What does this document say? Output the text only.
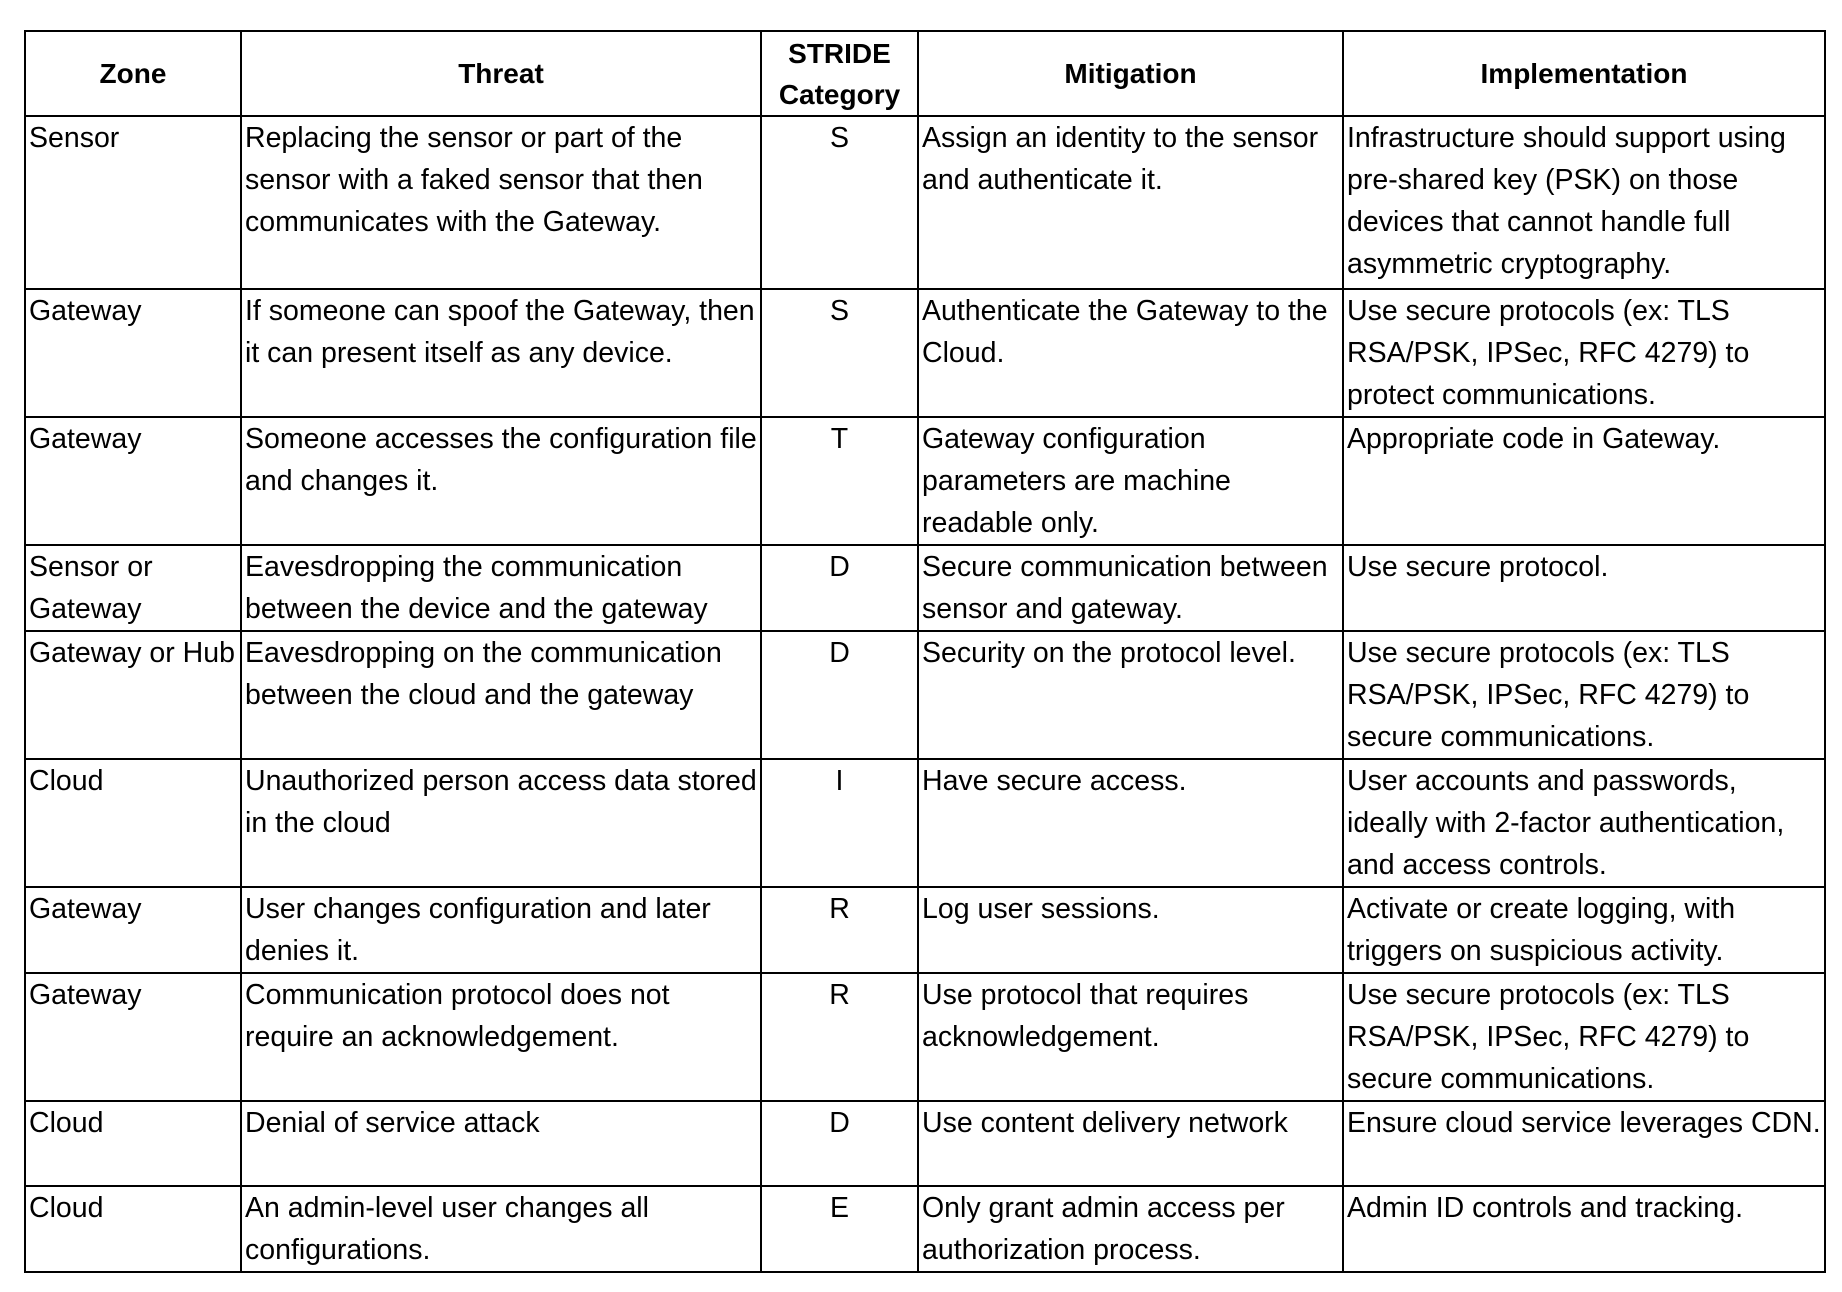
Zone	Threat	STRIDE Category	Mitigation	Implementation
Sensor	Replacing the sensor or part of the sensor with a faked sensor that then communicates with the Gateway.	S	Assign an identity to the sensor and authenticate it.	Infrastructure should support using pre-shared key (PSK) on those devices that cannot handle full asymmetric cryptography.
Gateway	If someone can spoof the Gateway, then it can present itself as any device.	S	Authenticate the Gateway to the Cloud.	Use secure protocols (ex: TLS RSA/PSK, IPSec, RFC 4279) to protect communications.
Gateway	Someone accesses the configuration file and changes it.	T	Gateway configuration parameters are machine readable only.	Appropriate code in Gateway.
Sensor or Gateway	Eavesdropping the communication between the device and the gateway	D	Secure communication between sensor and gateway.	Use secure protocol.
Gateway or Hub	Eavesdropping on the communication between the cloud and the gateway	D	Security on the protocol level.	Use secure protocols (ex: TLS RSA/PSK, IPSec, RFC 4279) to secure communications.
Cloud	Unauthorized person access data stored in the cloud	I	Have secure access.	User accounts and passwords, ideally with 2-factor authentication, and access controls.
Gateway	User changes configuration and later denies it.	R	Log user sessions.	Activate or create logging, with triggers on suspicious activity.
Gateway	Communication protocol does not require an acknowledgement.	R	Use protocol that requires acknowledgement.	Use secure protocols (ex: TLS RSA/PSK, IPSec, RFC 4279) to secure communications.
Cloud	Denial of service attack	D	Use content delivery network	Ensure cloud service leverages CDN.
Cloud	An admin-level user changes all configurations.	E	Only grant admin access per authorization process.	Admin ID controls and tracking.
